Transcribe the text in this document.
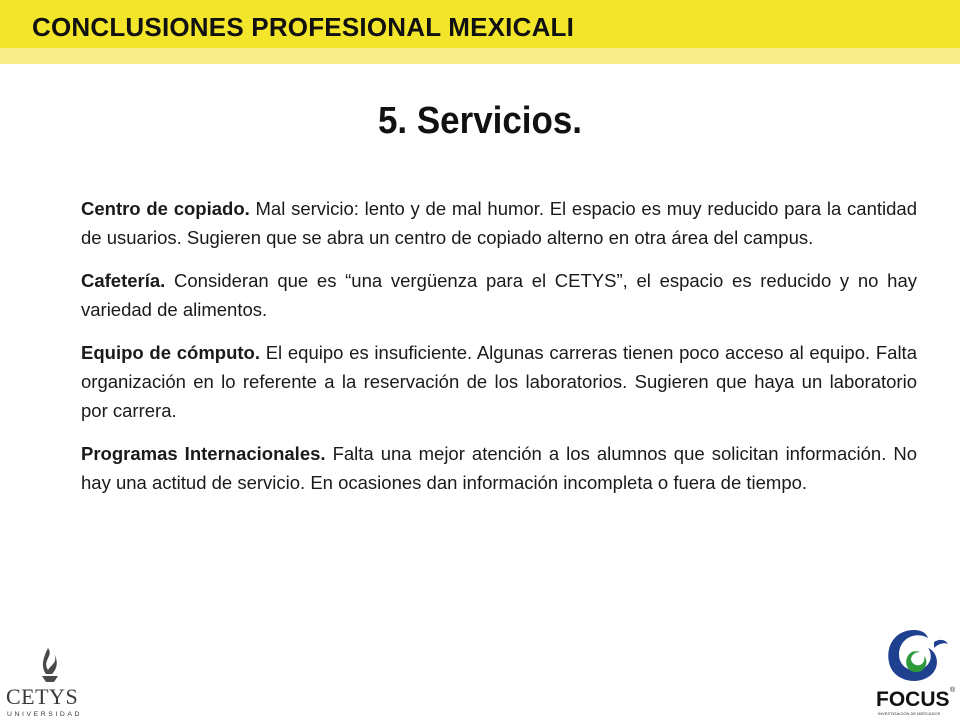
CONCLUSIONES PROFESIONAL MEXICALI
5. Servicios.

Centro de copiado. Mal servicio: lento y de mal humor. El espacio es muy reducido para la cantidad de usuarios. Sugieren que se abra un centro de copiado alterno en otra área del campus.

Cafetería. Consideran que es “una vergüenza para el CETYS”, el espacio es reducido y no hay variedad de alimentos.

Equipo de cómputo. El equipo es insuficiente. Algunas carreras tienen poco acceso al equipo. Falta organización en lo referente a la reservación de los laboratorios. Sugieren que haya un laboratorio por carrera.

Programas Internacionales. Falta una mejor atención a los alumnos que solicitan información. No hay una actitud de servicio. En ocasiones dan información incompleta o fuera de tiempo.

CETYS
UNIVERSIDAD
FOCUS ®
INVESTIGACIÓN DE MERCADOS
